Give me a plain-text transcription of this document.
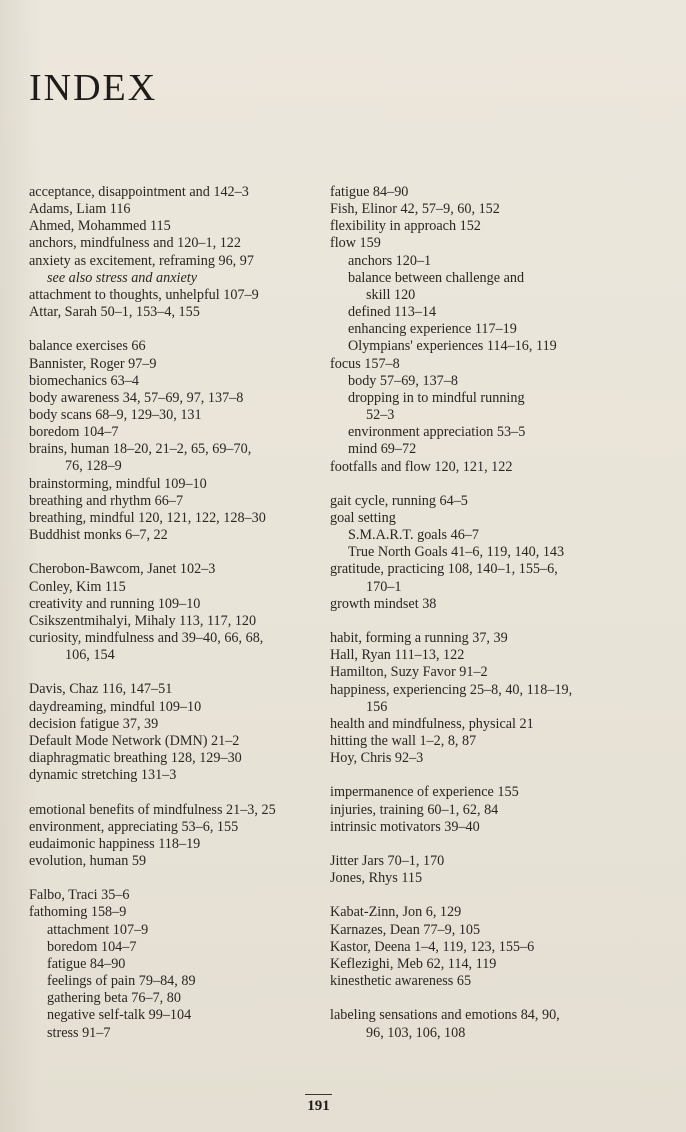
INDEX
acceptance, disappointment and 142–3
Adams, Liam 116
Ahmed, Mohammed 115
anchors, mindfulness and 120–1, 122
anxiety as excitement, reframing 96, 97
see also stress and anxiety
attachment to thoughts, unhelpful 107–9
Attar, Sarah 50–1, 153–4, 155
balance exercises 66
Bannister, Roger 97–9
biomechanics 63–4
body awareness 34, 57–69, 97, 137–8
body scans 68–9, 129–30, 131
boredom 104–7
brains, human 18–20, 21–2, 65, 69–70,
76, 128–9
brainstorming, mindful 109–10
breathing and rhythm 66–7
breathing, mindful 120, 121, 122, 128–30
Buddhist monks 6–7, 22
Cherobon-Bawcom, Janet 102–3
Conley, Kim 115
creativity and running 109–10
Csikszentmihalyi, Mihaly 113, 117, 120
curiosity, mindfulness and 39–40, 66, 68,
106, 154
Davis, Chaz 116, 147–51
daydreaming, mindful 109–10
decision fatigue 37, 39
Default Mode Network (DMN) 21–2
diaphragmatic breathing 128, 129–30
dynamic stretching 131–3
emotional benefits of mindfulness 21–3, 25
environment, appreciating 53–6, 155
eudaimonic happiness 118–19
evolution, human 59
Falbo, Traci 35–6
fathoming 158–9
attachment 107–9
boredom 104–7
fatigue 84–90
feelings of pain 79–84, 89
gathering beta 76–7, 80
negative self-talk 99–104
stress 91–7
fatigue 84–90
Fish, Elinor 42, 57–9, 60, 152
flexibility in approach 152
flow 159
anchors 120–1
balance between challenge and
skill 120
defined 113–14
enhancing experience 117–19
Olympians' experiences 114–16, 119
focus 157–8
body 57–69, 137–8
dropping in to mindful running
52–3
environment appreciation 53–5
mind 69–72
footfalls and flow 120, 121, 122
gait cycle, running 64–5
goal setting
S.M.A.R.T. goals 46–7
True North Goals 41–6, 119, 140, 143
gratitude, practicing 108, 140–1, 155–6,
170–1
growth mindset 38
habit, forming a running 37, 39
Hall, Ryan 111–13, 122
Hamilton, Suzy Favor 91–2
happiness, experiencing 25–8, 40, 118–19,
156
health and mindfulness, physical 21
hitting the wall 1–2, 8, 87
Hoy, Chris 92–3
impermanence of experience 155
injuries, training 60–1, 62, 84
intrinsic motivators 39–40
Jitter Jars 70–1, 170
Jones, Rhys 115
Kabat-Zinn, Jon 6, 129
Karnazes, Dean 77–9, 105
Kastor, Deena 1–4, 119, 123, 155–6
Keflezighi, Meb 62, 114, 119
kinesthetic awareness 65
labeling sensations and emotions 84, 90,
96, 103, 106, 108
191
